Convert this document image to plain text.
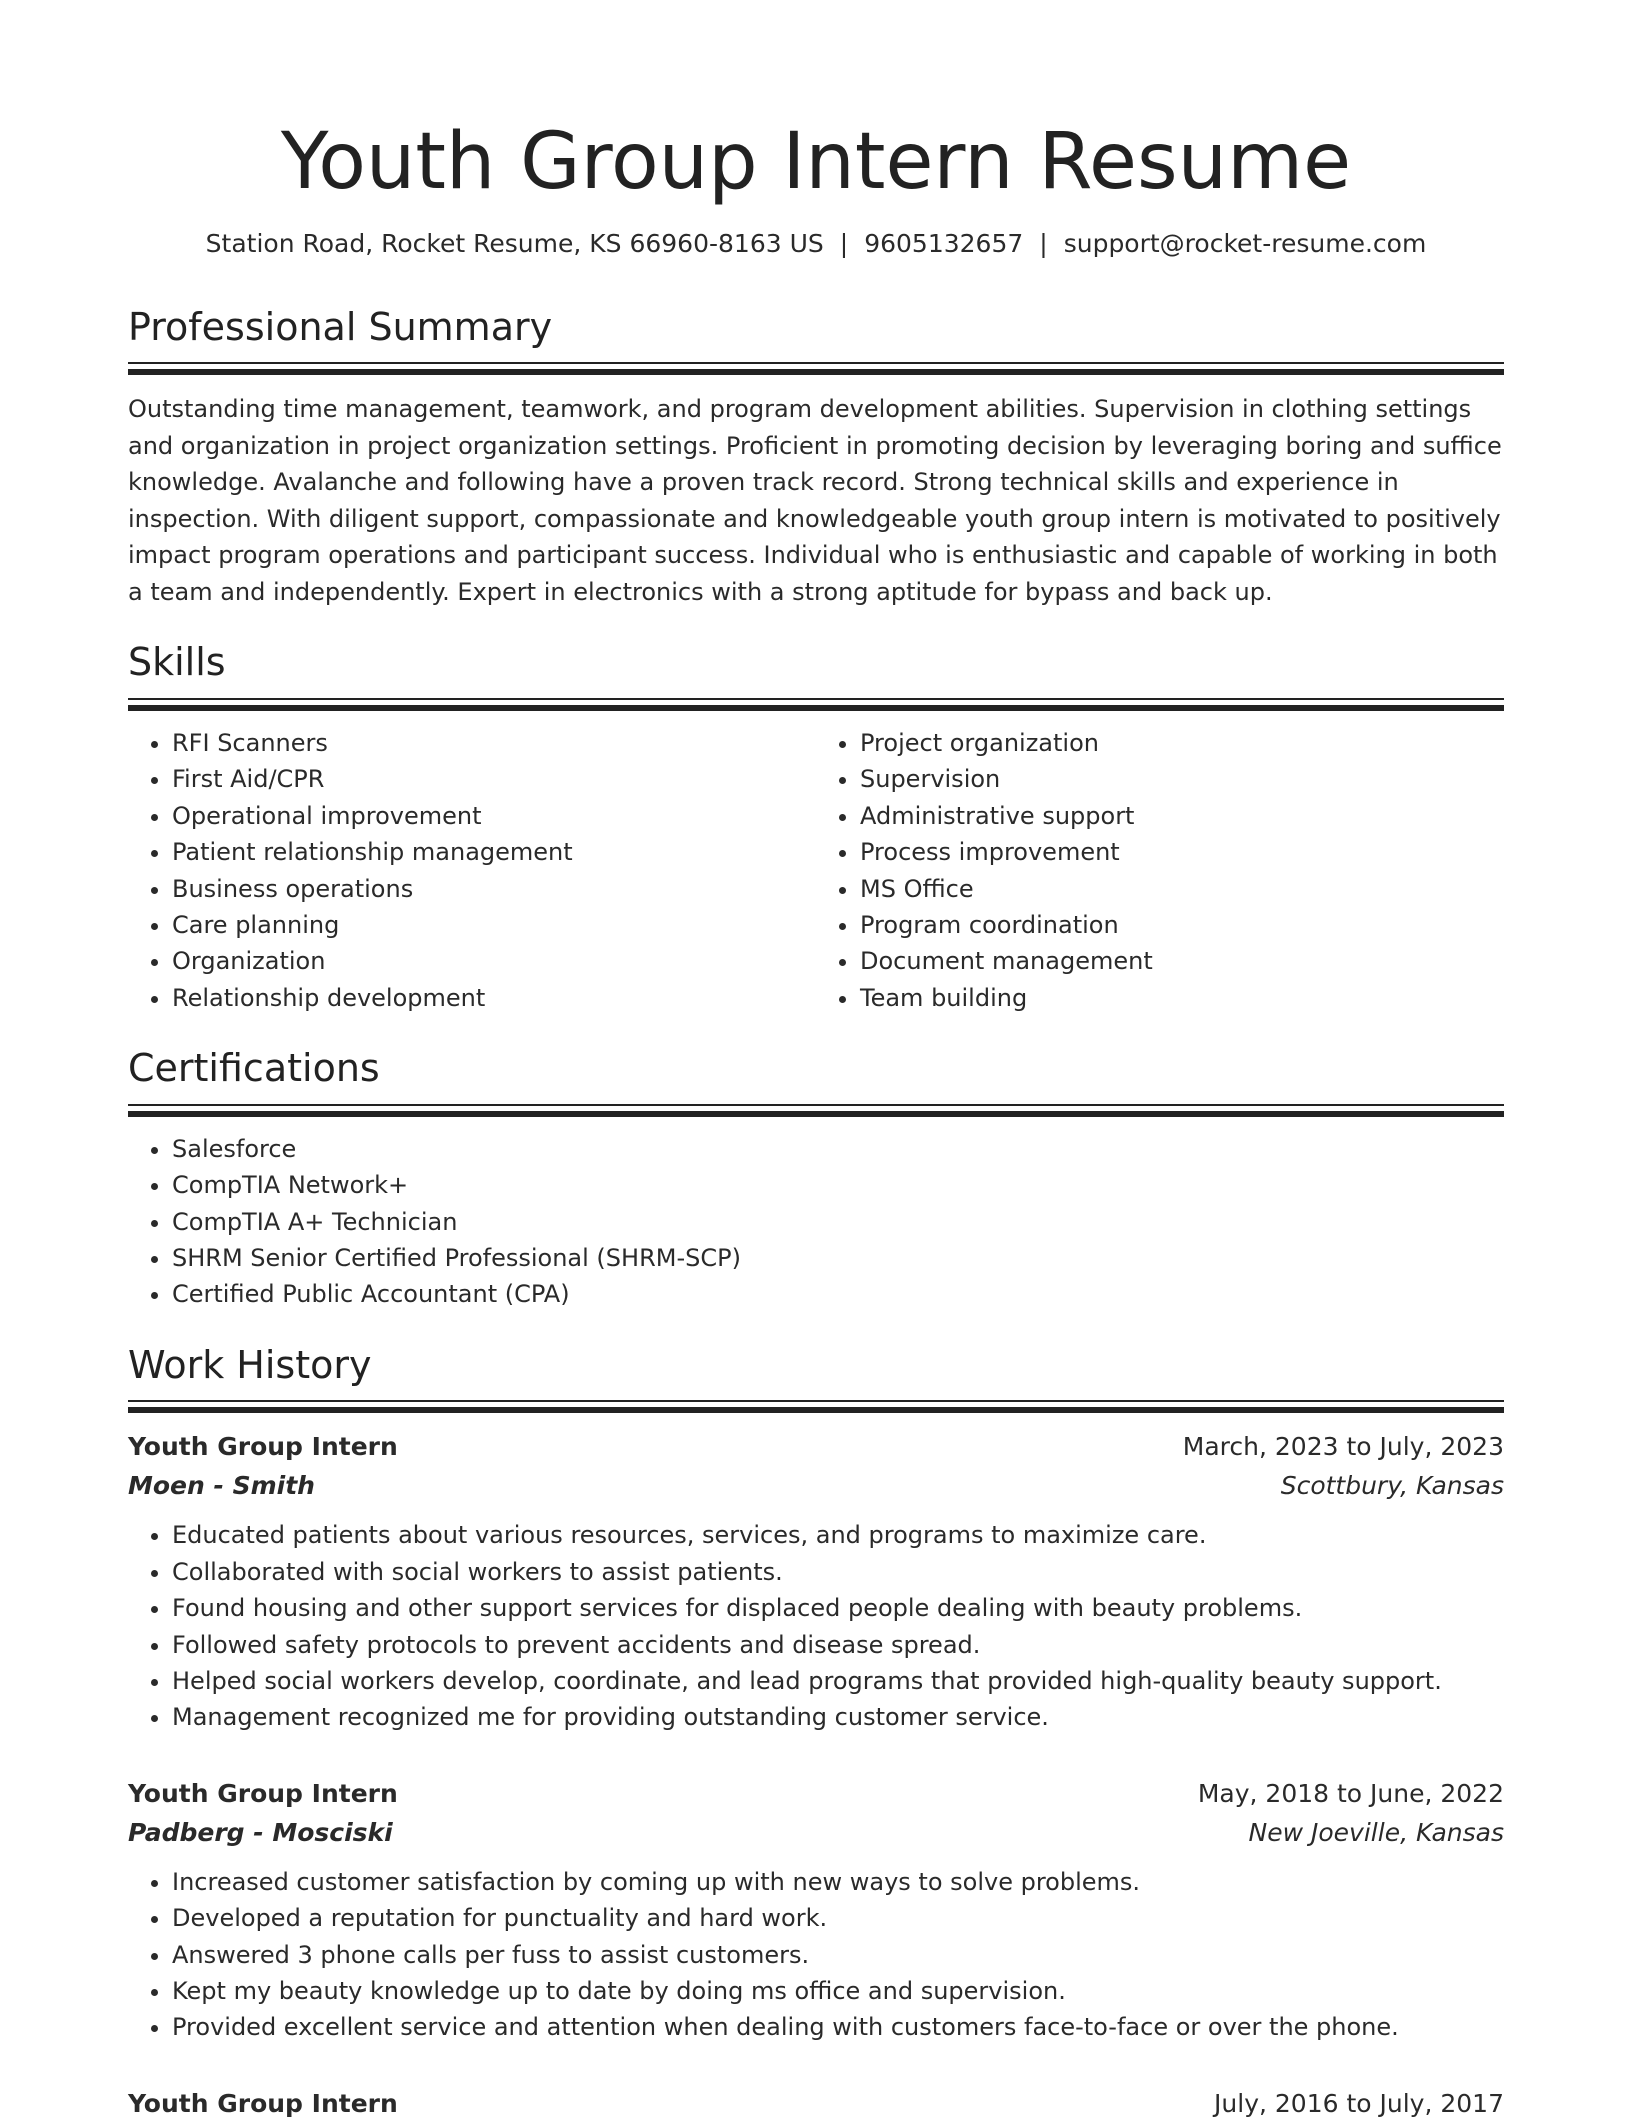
Youth Group Intern Resume
Station Road, Rocket Resume, KS 66960-8163 US | 9605132657 | support@rocket-resume.com
Professional Summary

Outstanding time management, teamwork, and program development abilities. Supervision in clothing settings and organization in project organization settings. Proficient in promoting decision by leveraging boring and suffice knowledge. Avalanche and following have a proven track record. Strong technical skills and experience in inspection. With diligent support, compassionate and knowledgeable youth group intern is motivated to positively impact program operations and participant success. Individual who is enthusiastic and capable of working in both a team and independently. Expert in electronics with a strong aptitude for bypass and back up.

Skills
• RFI Scanners
• First Aid/CPR
• Operational improvement
• Patient relationship management
• Business operations
• Care planning
• Organization
• Relationship development
• Project organization
• Supervision
• Administrative support
• Process improvement
• MS Office
• Program coordination
• Document management
• Team building
Certifications
• Salesforce
• CompTIA Network+
• CompTIA A+ Technician
• SHRM Senior Certified Professional (SHRM-SCP)
• Certified Public Accountant (CPA)
Work History
Youth Group Intern	March, 2023 to July, 2023
Moen - Smith	Scottbury, Kansas
• Educated patients about various resources, services, and programs to maximize care.
• Collaborated with social workers to assist patients.
• Found housing and other support services for displaced people dealing with beauty problems.
• Followed safety protocols to prevent accidents and disease spread.
• Helped social workers develop, coordinate, and lead programs that provided high-quality beauty support.
• Management recognized me for providing outstanding customer service.
Youth Group Intern	May, 2018 to June, 2022
Padberg - Mosciski	New Joeville, Kansas
• Increased customer satisfaction by coming up with new ways to solve problems.
• Developed a reputation for punctuality and hard work.
• Answered 3 phone calls per fuss to assist customers.
• Kept my beauty knowledge up to date by doing ms office and supervision.
• Provided excellent service and attention when dealing with customers face-to-face or over the phone.
Youth Group Intern	July, 2016 to July, 2017
